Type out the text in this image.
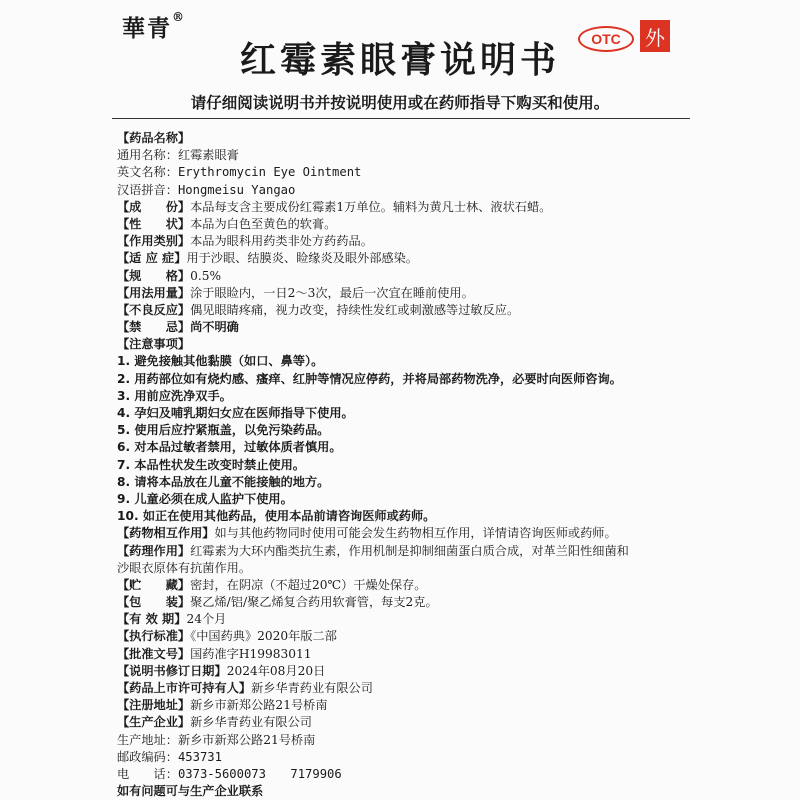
華青®
OTC	外
红霉素眼膏说明书
请仔细阅读说明书并按说明使用或在药师指导下购买和使用。
【药品名称】
通用名称：红霉素眼膏
英文名称：Erythromycin Eye Ointment
汉语拼音：Hongmeisu Yangao
【成　　份】本品每支含主要成份红霉素1万单位。辅料为黄凡士林、液状石蜡。
【性　　状】本品为白色至黄色的软膏。
【作用类别】本品为眼科用药类非处方药药品。
【适 应 症】用于沙眼、结膜炎、睑缘炎及眼外部感染。
【规　　格】0.5%
【用法用量】涂于眼睑内，一日2～3次，最后一次宜在睡前使用。
【不良反应】偶见眼睛疼痛，视力改变，持续性发红或刺激感等过敏反应。
【禁　　忌】尚不明确
【注意事项】
1. 避免接触其他黏膜（如口、鼻等）。
2. 用药部位如有烧灼感、瘙痒、红肿等情况应停药，并将局部药物洗净，必要时向医师咨询。
3. 用前应洗净双手。
4. 孕妇及哺乳期妇女应在医师指导下使用。
5. 使用后应拧紧瓶盖，以免污染药品。
6. 对本品过敏者禁用，过敏体质者慎用。
7. 本品性状发生改变时禁止使用。
8. 请将本品放在儿童不能接触的地方。
9. 儿童必须在成人监护下使用。
10. 如正在使用其他药品，使用本品前请咨询医师或药师。
【药物相互作用】如与其他药物同时使用可能会发生药物相互作用，详情请咨询医师或药师。
【药理作用】红霉素为大环内酯类抗生素，作用机制是抑制细菌蛋白质合成，对革兰阳性细菌和
沙眼衣原体有抗菌作用。
【贮　　藏】密封，在阴凉（不超过20℃）干燥处保存。
【包　　装】聚乙烯/铝/聚乙烯复合药用软膏管，每支2克。
【有 效 期】24个月
【执行标准】《中国药典》2020年版二部
【批准文号】国药准字H19983011
【说明书修订日期】2024年08月20日
【药品上市许可持有人】新乡华青药业有限公司
【注册地址】新乡市新郑公路21号桥南
【生产企业】新乡华青药业有限公司
生产地址：新乡市新郑公路21号桥南
邮政编码：453731
电　　话：0373-5600073　　7179906
如有问题可与生产企业联系
